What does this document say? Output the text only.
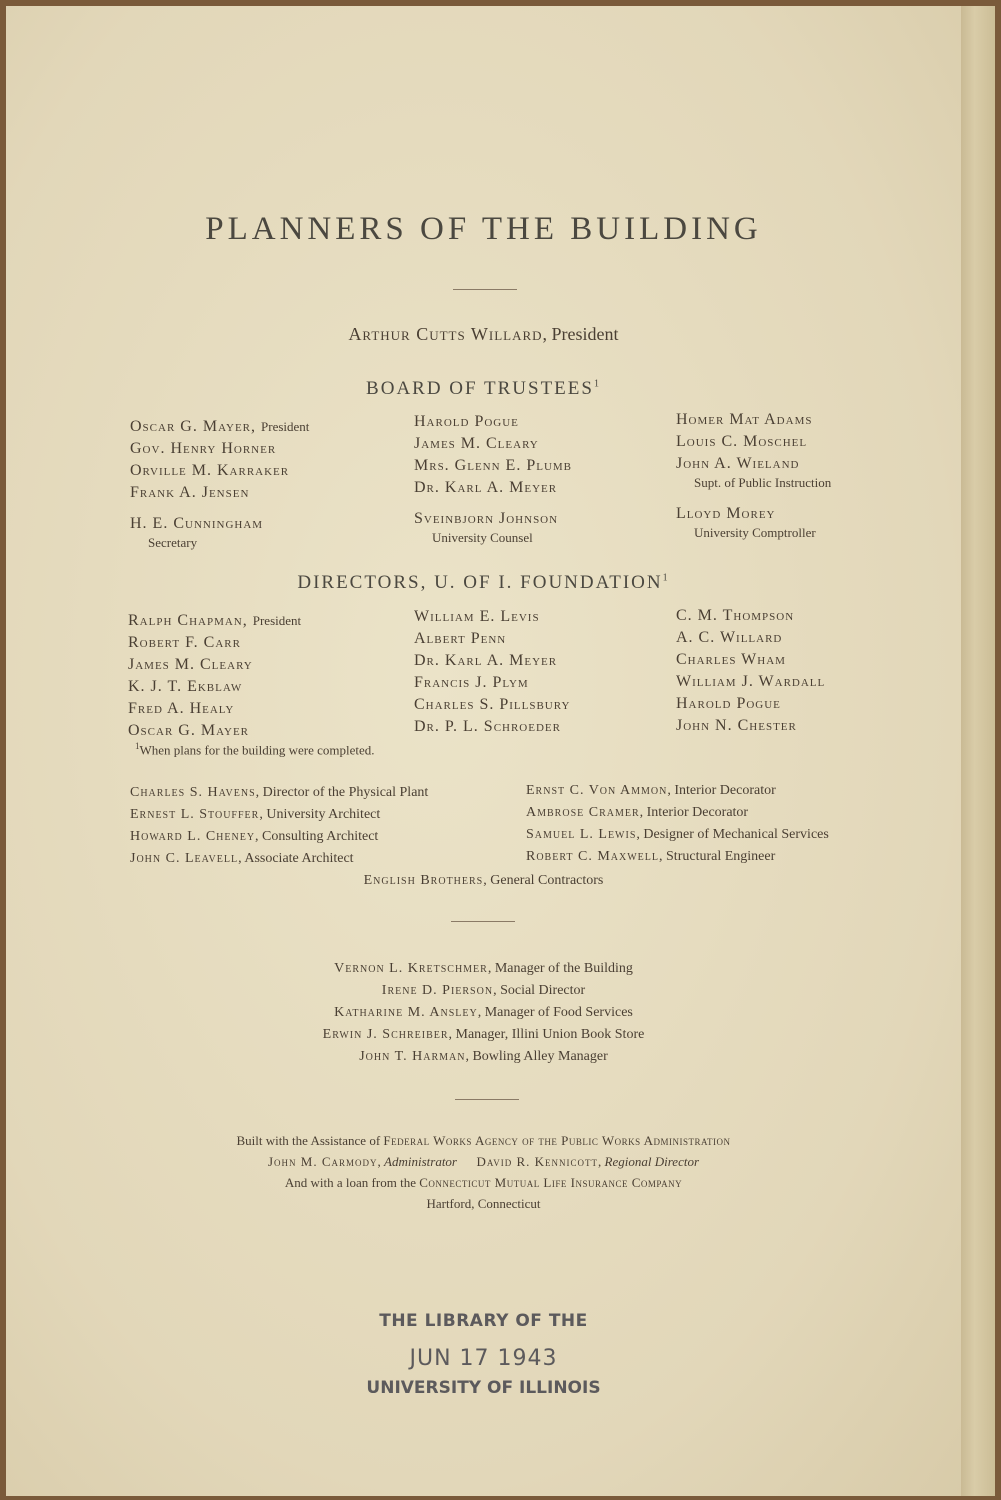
PLANNERS OF THE BUILDING
Arthur Cutts Willard, President
BOARD OF TRUSTEES$^1$
Oscar G. Mayer, President
Gov. Henry Horner
Orville M. Karraker
Frank A. Jensen
H. E. Cunningham
Secretary
Harold Pogue
James M. Cleary
Mrs. Glenn E. Plumb
Dr. Karl A. Meyer
Sveinbjorn Johnson
University Counsel
Homer Mat Adams
Louis C. Moschel
John A. Wieland
Supt. of Public Instruction
Lloyd Morey
University Comptroller
DIRECTORS, U. OF I. FOUNDATION$^1$
Ralph Chapman, President
Robert F. Carr
James M. Cleary
K. J. T. Ekblaw
Fred A. Healy
Oscar G. Mayer
William E. Levis
Albert Penn
Dr. Karl A. Meyer
Francis J. Plym
Charles S. Pillsbury
Dr. P. L. Schroeder
C. M. Thompson
A. C. Willard
Charles Wham
William J. Wardall
Harold Pogue
John N. Chester
$^1$When plans for the building were completed.
Charles S. Havens, Director of the Physical Plant
Ernest L. Stouffer, University Architect
Howard L. Cheney, Consulting Architect
John C. Leavell, Associate Architect
Ernst C. Von Ammon, Interior Decorator
Ambrose Cramer, Interior Decorator
Samuel L. Lewis, Designer of Mechanical Services
Robert C. Maxwell, Structural Engineer
English Brothers, General Contractors
Vernon L. Kretschmer, Manager of the Building
Irene D. Pierson, Social Director
Katharine M. Ansley, Manager of Food Services
Erwin J. Schreiber, Manager, Illini Union Book Store
John T. Harman, Bowling Alley Manager
Built with the Assistance of Federal Works Agency of the Public Works Administration
John M. Carmody, Administrator David R. Kennicott, Regional Director
And with a loan from the Connecticut Mutual Life Insurance Company
Hartford, Connecticut
THE LIBRARY OF THE
JUN 17 1943
UNIVERSITY OF ILLINOIS
